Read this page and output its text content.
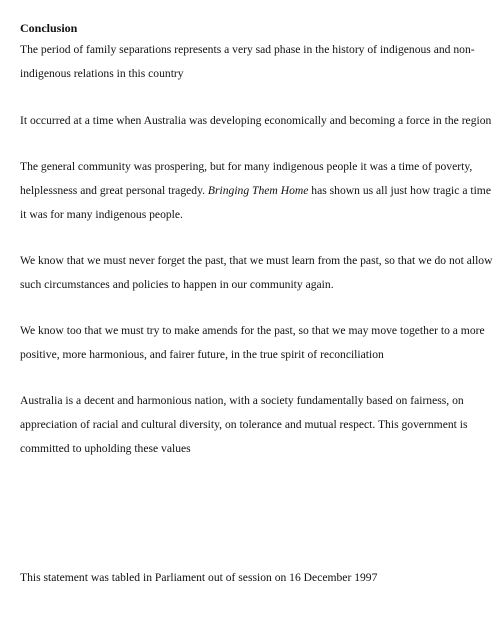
Conclusion

The period of family separations represents a very sad phase in the history of indigenous and non-indigenous relations in this country

It occurred at a time when Australia was developing economically and becoming a force in the region

The general community was prospering, but for many indigenous people it was a time of poverty, helplessness and great personal tragedy. Bringing Them Home has shown us all just how tragic a time it was for many indigenous people.

We know that we must never forget the past, that we must learn from the past, so that we do not allow such circumstances and policies to happen in our community again.

We know too that we must try to make amends for the past, so that we may move together to a more positive, more harmonious, and fairer future, in the true spirit of reconciliation

Australia is a decent and harmonious nation, with a society fundamentally based on fairness, on appreciation of racial and cultural diversity, on tolerance and mutual respect. This government is committed to upholding these values

This statement was tabled in Parliament out of session on 16 December 1997
